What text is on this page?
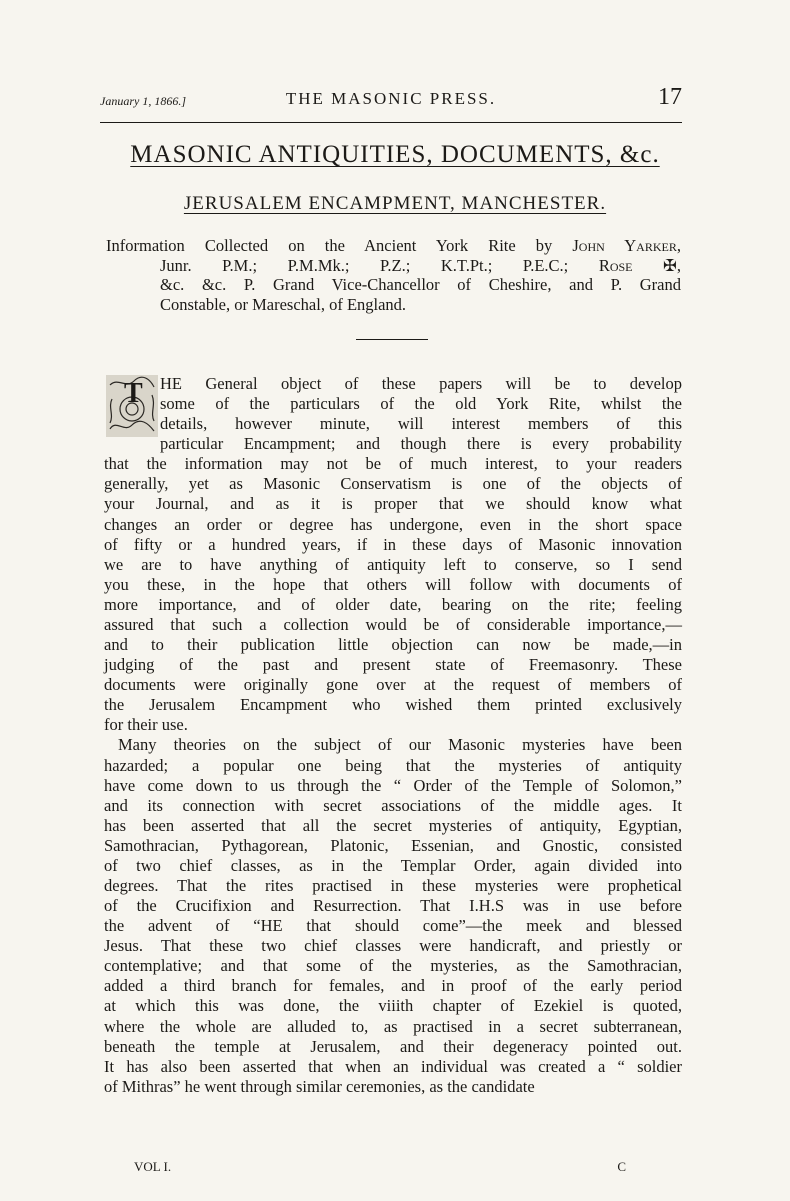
January 1, 1866.]	THE MASONIC PRESS.	17
MASONIC ANTIQUITIES, DOCUMENTS, &c.
JERUSALEM ENCAMPMENT, MANCHESTER.
Information Collected on the Ancient York Rite by John Yarker,
Junr. P.M.; P.M.Mk.; P.Z.; K.T.Pt.; P.E.C.; Rose ✠,
&c. &c. P. Grand Vice-Chancellor of Cheshire, and P. Grand
Constable, or Mareschal, of England.
T HE General object of these papers will be to develop
some of the particulars of the old York Rite, whilst the
details, however minute, will interest members of this
particular Encampment; and though there is every probability
that the information may not be of much interest, to your readers
generally, yet as Masonic Conservatism is one of the objects of
your Journal, and as it is proper that we should know what
changes an order or degree has undergone, even in the short space
of fifty or a hundred years, if in these days of Masonic innovation
we are to have anything of antiquity left to conserve, so I send
you these, in the hope that others will follow with documents of
more importance, and of older date, bearing on the rite; feeling
assured that such a collection would be of considerable importance,—
and to their publication little objection can now be made,—in
judging of the past and present state of Freemasonry. These
documents were originally gone over at the request of members of
the Jerusalem Encampment who wished them printed exclusively
for their use.
Many theories on the subject of our Masonic mysteries have been
hazarded; a popular one being that the mysteries of antiquity
have come down to us through the “ Order of the Temple of Solomon,”
and its connection with secret associations of the middle ages. It
has been asserted that all the secret mysteries of antiquity, Egyptian,
Samothracian, Pythagorean, Platonic, Essenian, and Gnostic, consisted
of two chief classes, as in the Templar Order, again divided into
degrees. That the rites practised in these mysteries were prophetical
of the Crucifixion and Resurrection. That I.H.S was in use before
the advent of “HE that should come”—the meek and blessed
Jesus. That these two chief classes were handicraft, and priestly or
contemplative; and that some of the mysteries, as the Samothracian,
added a third branch for females, and in proof of the early period
at which this was done, the viiith chapter of Ezekiel is quoted,
where the whole are alluded to, as practised in a secret subterranean,
beneath the temple at Jerusalem, and their degeneracy pointed out.
It has also been asserted that when an individual was created a “ soldier
of Mithras” he went through similar ceremonies, as the candidate
VOL I.	C
